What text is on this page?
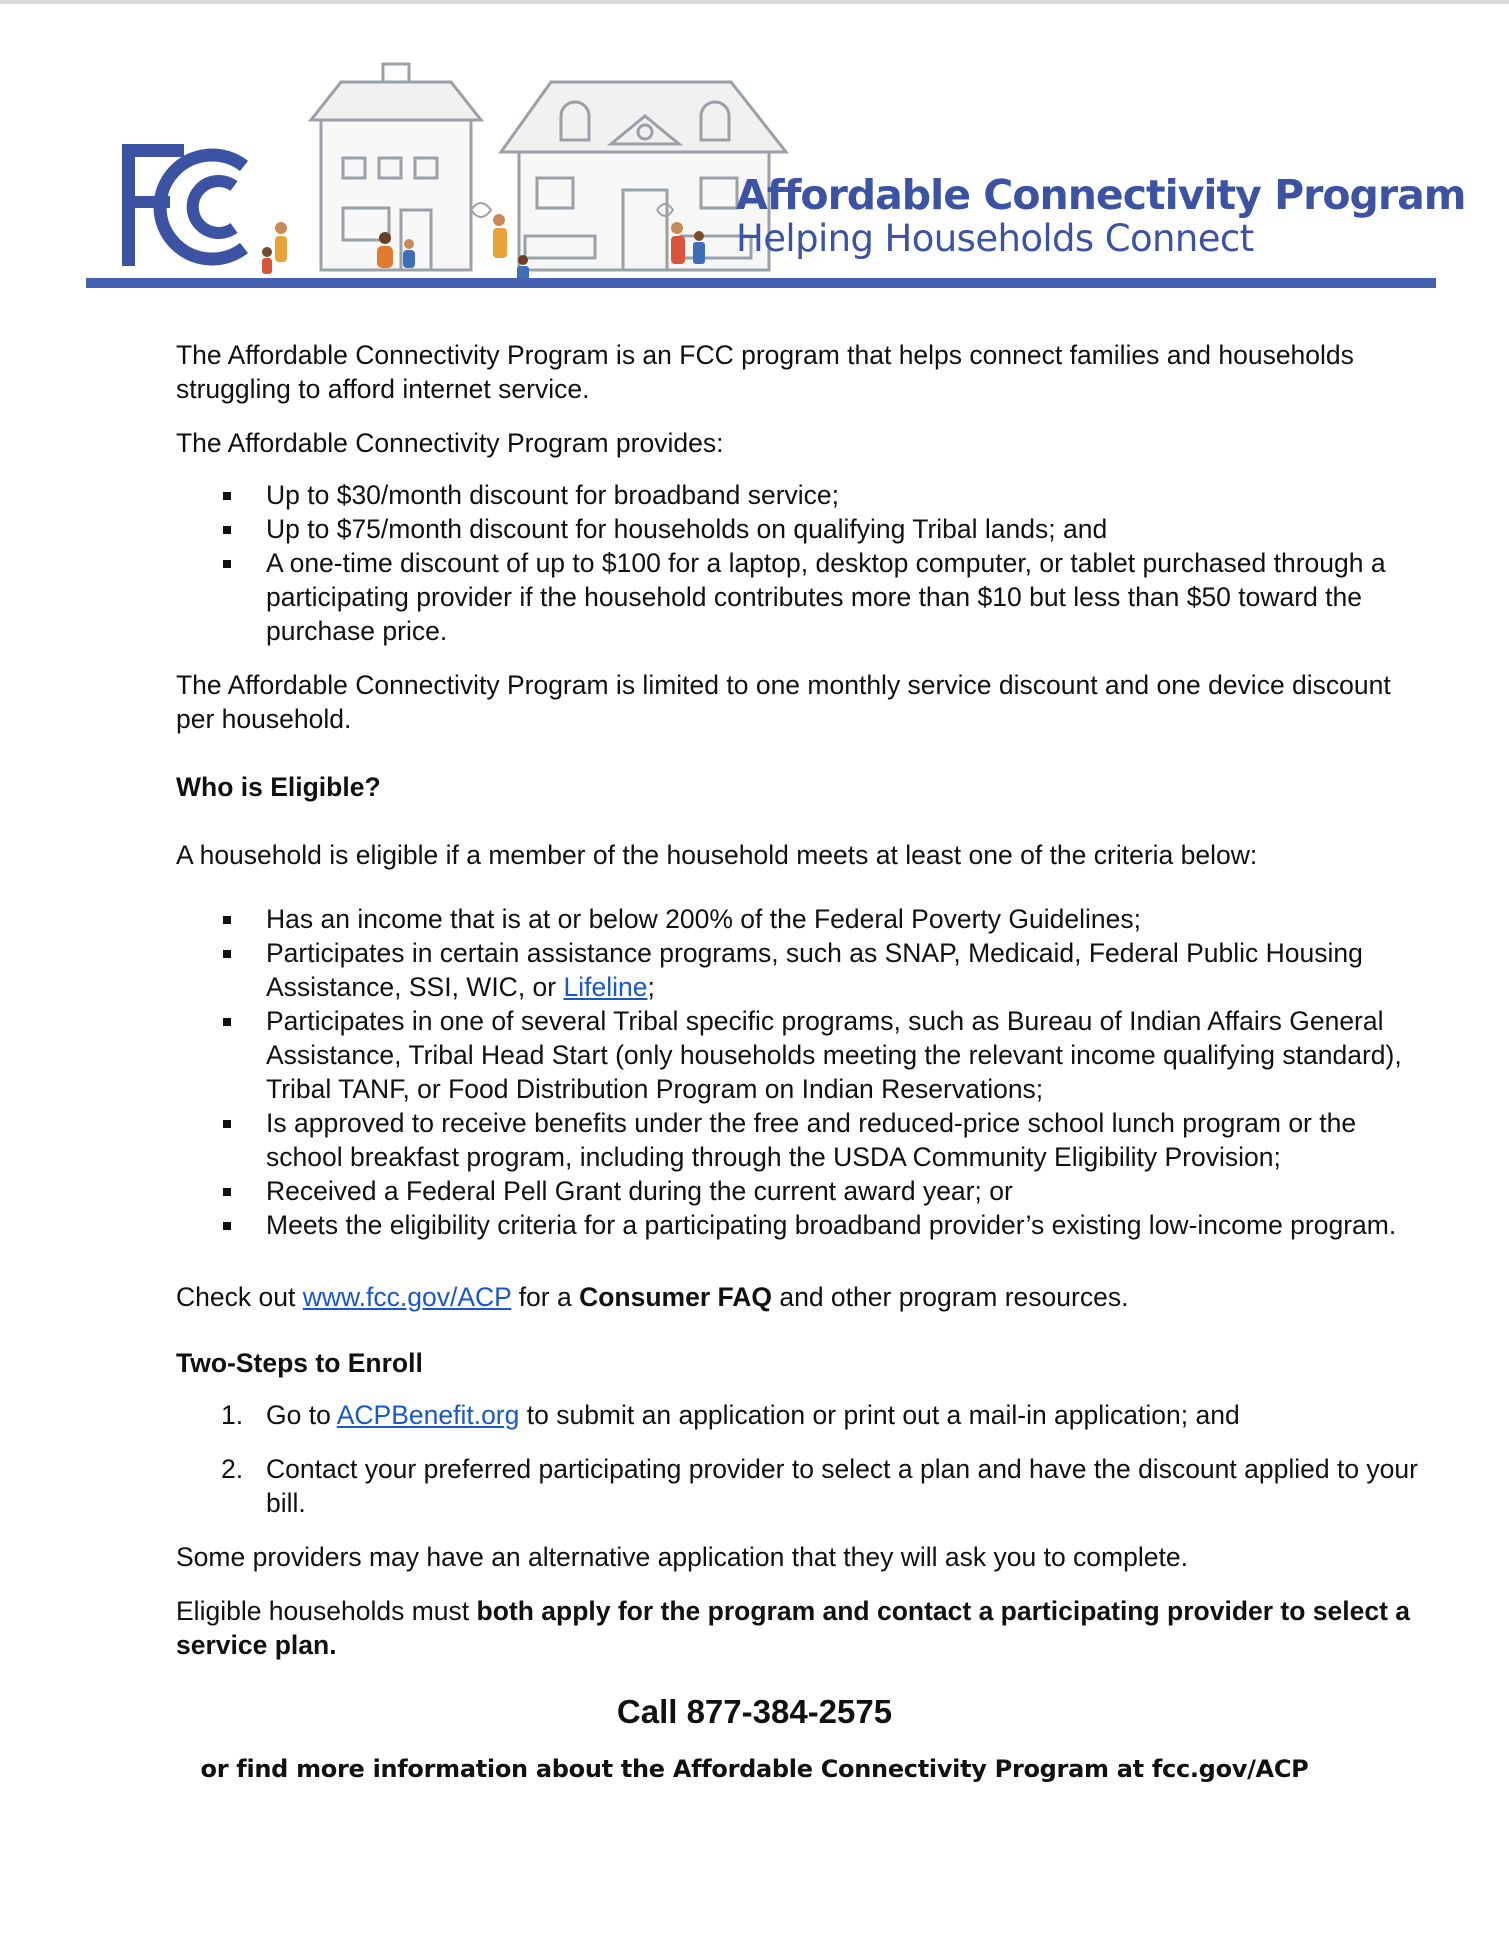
Affordable Connectivity Program
Helping Households Connect

The Affordable Connectivity Program is an FCC program that helps connect families and households struggling to afford internet service.

The Affordable Connectivity Program provides:

Up to $30/month discount for broadband service;
Up to $75/month discount for households on qualifying Tribal lands; and
A one-time discount of up to $100 for a laptop, desktop computer, or tablet purchased through a participating provider if the household contributes more than $10 but less than $50 toward the purchase price.

The Affordable Connectivity Program is limited to one monthly service discount and one device discount per household.

Who is Eligible?

A household is eligible if a member of the household meets at least one of the criteria below:

Has an income that is at or below 200% of the Federal Poverty Guidelines;
Participates in certain assistance programs, such as SNAP, Medicaid, Federal Public Housing Assistance, SSI, WIC, or Lifeline;
Participates in one of several Tribal specific programs, such as Bureau of Indian Affairs General Assistance, Tribal Head Start (only households meeting the relevant income qualifying standard), Tribal TANF, or Food Distribution Program on Indian Reservations;
Is approved to receive benefits under the free and reduced-price school lunch program or the school breakfast program, including through the USDA Community Eligibility Provision;
Received a Federal Pell Grant during the current award year; or
Meets the eligibility criteria for a participating broadband provider’s existing low-income program.

Check out www.fcc.gov/ACP for a Consumer FAQ and other program resources.

Two-Steps to Enroll

1. Go to ACPBenefit.org to submit an application or print out a mail-in application; and
2. Contact your preferred participating provider to select a plan and have the discount applied to your bill.

Some providers may have an alternative application that they will ask you to complete.

Eligible households must both apply for the program and contact a participating provider to select a service plan.

Call 877-384-2575
or find more information about the Affordable Connectivity Program at fcc.gov/ACP
